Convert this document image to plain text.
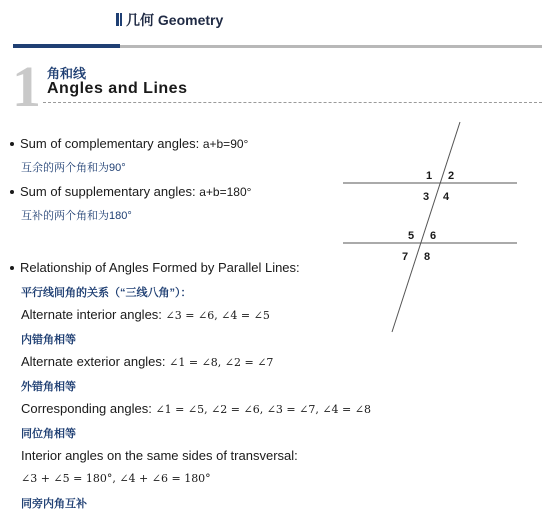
几何 Geometry
1 角和线
Angles and Lines
Sum of complementary angles: a+b=90°
互余的两个角和为90°
Sum of supplementary angles: a+b=180°
互补的两个角和为180°
Relationship of Angles Formed by Parallel Lines:
平行线间角的关系（“三线八角”）：
Alternate interior angles: ∠3 = ∠6, ∠4 = ∠5
内错角相等
Alternate exterior angles: ∠1 = ∠8, ∠2 = ∠7
外错角相等
Corresponding angles: ∠1 = ∠5, ∠2 = ∠6, ∠3 = ∠7, ∠4 = ∠8
同位角相等
Interior angles on the same sides of transversal:
∠3 + ∠5 = 180°, ∠4 + ∠6 = 180°
同旁内角互补
1 2
3 4
5 6
7 8
